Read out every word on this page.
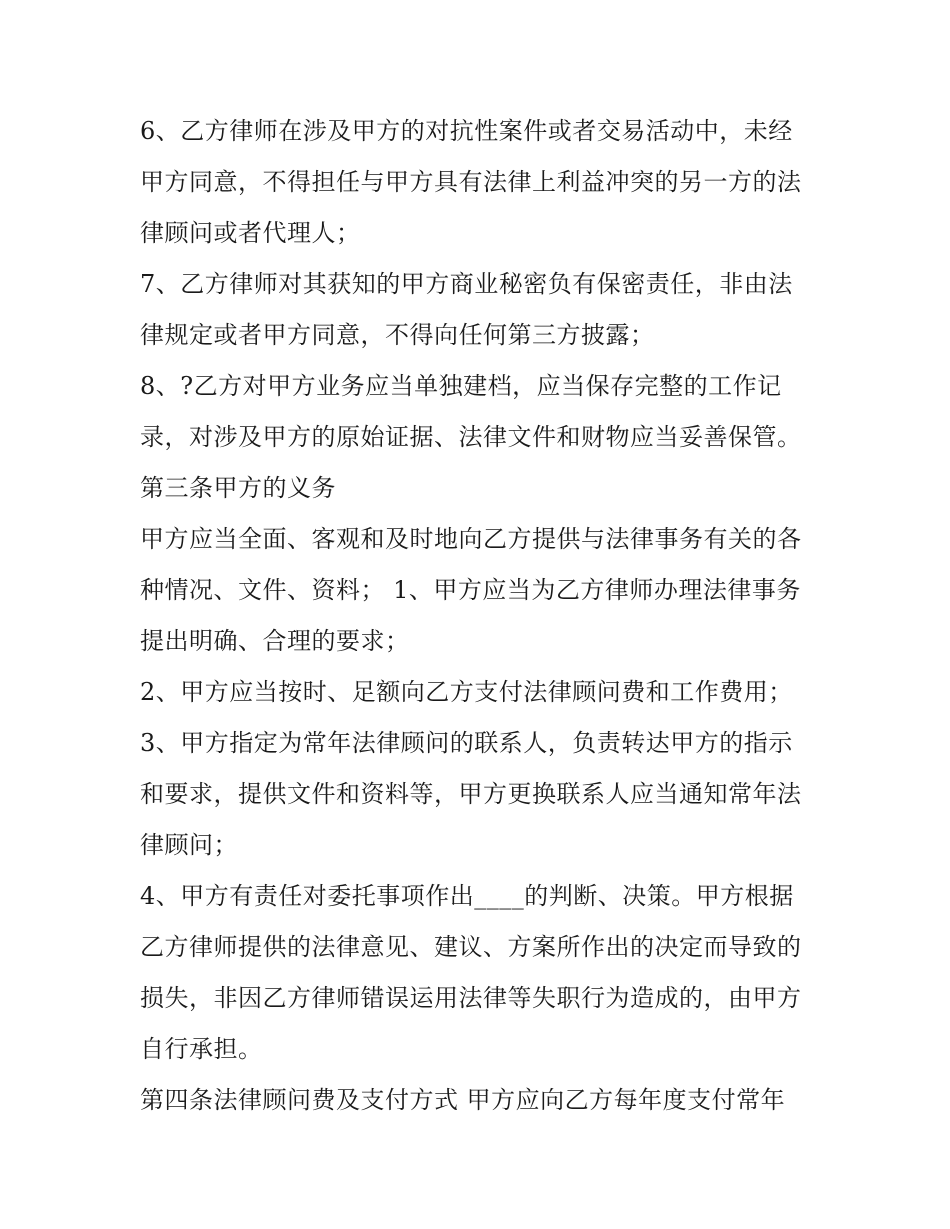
6、乙方律师在涉及甲方的对抗性案件或者交易活动中，未经
甲方同意，不得担任与甲方具有法律上利益冲突的另一方的法
律顾问或者代理人；
7、乙方律师对其获知的甲方商业秘密负有保密责任，非由法
律规定或者甲方同意，不得向任何第三方披露；
8、?乙方对甲方业务应当单独建档，应当保存完整的工作记
录，对涉及甲方的原始证据、法律文件和财物应当妥善保管。
第三条甲方的义务
甲方应当全面、客观和及时地向乙方提供与法律事务有关的各
种情况、文件、资料； 1、甲方应当为乙方律师办理法律事务
提出明确、合理的要求；
2、甲方应当按时、足额向乙方支付法律顾问费和工作费用；
3、甲方指定为常年法律顾问的联系人，负责转达甲方的指示
和要求，提供文件和资料等，甲方更换联系人应当通知常年法
律顾问；
4、甲方有责任对委托事项作出____的判断、决策。甲方根据
乙方律师提供的法律意见、建议、方案所作出的决定而导致的
损失，非因乙方律师错误运用法律等失职行为造成的，由甲方
自行承担。
第四条法律顾问费及支付方式 甲方应向乙方每年度支付常年
